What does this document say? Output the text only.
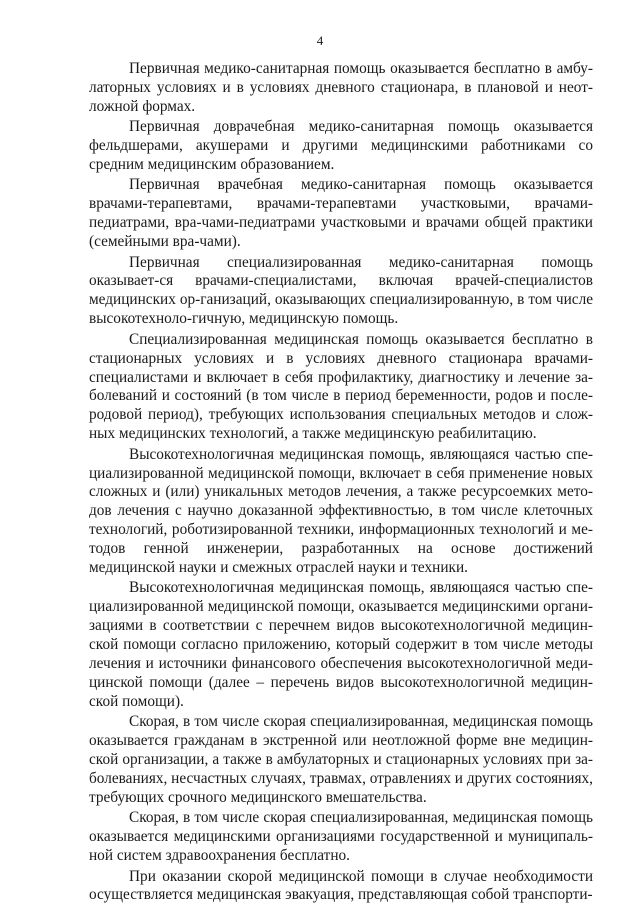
4

Первичная медико-санитарная помощь оказывается бесплатно в амбу-латорных условиях и в условиях дневного стационара, в плановой и неот-ложной формах.

Первичная доврачебная медико-санитарная помощь оказывается фельдшерами, акушерами и другими медицинскими работниками со средним медицинским образованием.

Первичная врачебная медико-санитарная помощь оказывается врачами-терапевтами, врачами-терапевтами участковыми, врачами-педиатрами, вра-чами-педиатрами участковыми и врачами общей практики (семейными вра-чами).

Первичная специализированная медико-санитарная помощь оказывает-ся врачами-специалистами, включая врачей-специалистов медицинских ор-ганизаций, оказывающих специализированную, в том числе высокотехноло-гичную, медицинскую помощь.

Специализированная медицинская помощь оказывается бесплатно в стационарных условиях и в условиях дневного стационара врачами-специалистами и включает в себя профилактику, диагностику и лечение за-болеваний и состояний (в том числе в период беременности, родов и после-родовой период), требующих использования специальных методов и слож-ных медицинских технологий, а также медицинскую реабилитацию.

Высокотехнологичная медицинская помощь, являющаяся частью спе-циализированной медицинской помощи, включает в себя применение новых сложных и (или) уникальных методов лечения, а также ресурсоемких мето-дов лечения с научно доказанной эффективностью, в том числе клеточных технологий, роботизированной техники, информационных технологий и ме-тодов генной инженерии, разработанных на основе достижений медицинской науки и смежных отраслей науки и техники.

Высокотехнологичная медицинская помощь, являющаяся частью спе-циализированной медицинской помощи, оказывается медицинскими органи-зациями в соответствии с перечнем видов высокотехнологичной медицин-ской помощи согласно приложению, который содержит в том числе методы лечения и источники финансового обеспечения высокотехнологичной меди-цинской помощи (далее – перечень видов высокотехнологичной медицин-ской помощи).

Скорая, в том числе скорая специализированная, медицинская помощь оказывается гражданам в экстренной или неотложной форме вне медицин-ской организации, а также в амбулаторных и стационарных условиях при за-болеваниях, несчастных случаях, травмах, отравлениях и других состояниях, требующих срочного медицинского вмешательства.

Скорая, в том числе скорая специализированная, медицинская помощь оказывается медицинскими организациями государственной и муниципаль-ной систем здравоохранения бесплатно.

При оказании скорой медицинской помощи в случае необходимости осуществляется медицинская эвакуация, представляющая собой транспорти-
